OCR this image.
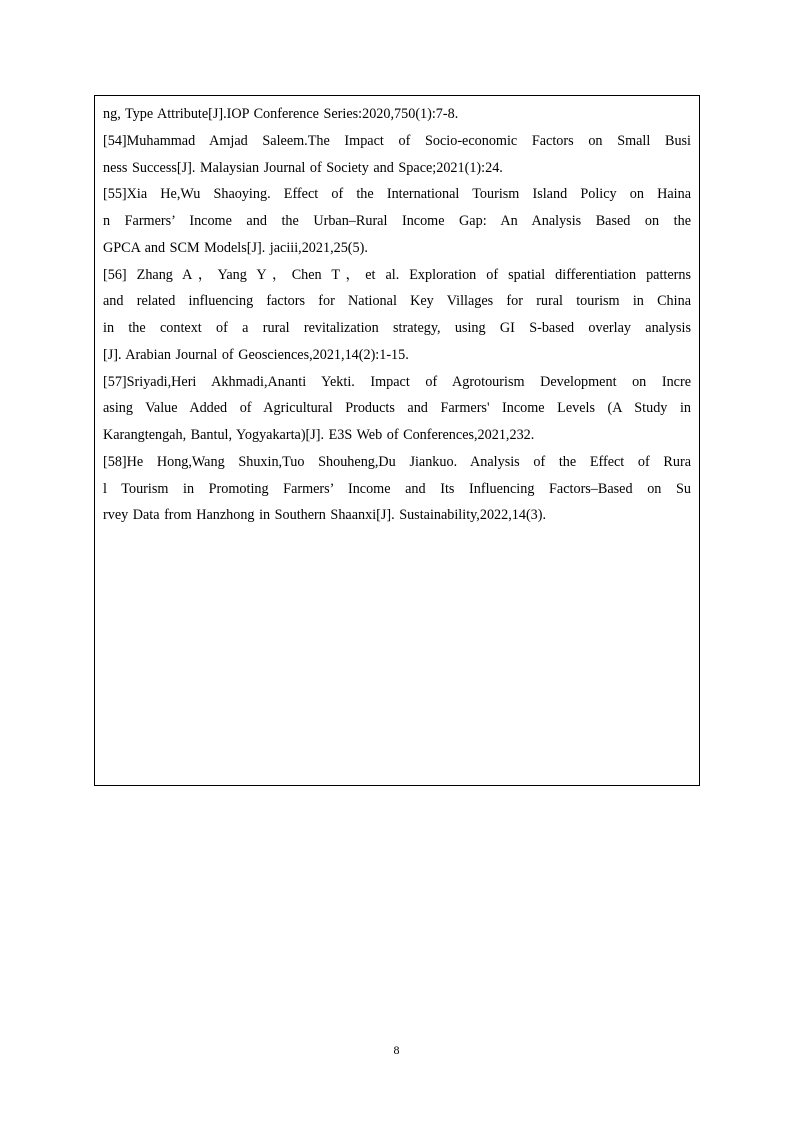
ng, Type Attribute[J].IOP Conference Series:2020,750(1):7-8.
[54]Muhammad Amjad Saleem.The Impact of Socio-economic Factors on Small Busi
ness Success[J]. Malaysian Journal of Society and Space;2021(1):24.
[55]Xia He,Wu Shaoying. Effect of the International Tourism Island Policy on Haina
n Farmers’ Income and the Urban–Rural Income Gap: An Analysis Based on the
GPCA and SCM Models[J]. jaciii,2021,25(5).
[56] Zhang A，Yang Y，Chen T，et al. Exploration of spatial differentiation patterns
and related influencing factors for National Key Villages for rural tourism in China
in the context of a rural revitalization strategy, using GI S-based overlay analysis
[J]. Arabian Journal of Geosciences,2021,14(2):1-15.
[57]Sriyadi,Heri Akhmadi,Ananti Yekti. Impact of Agrotourism Development on Incre
asing Value Added of Agricultural Products and Farmers' Income Levels (A Study in
Karangtengah, Bantul, Yogyakarta)[J]. E3S Web of Conferences,2021,232.
[58]He Hong,Wang Shuxin,Tuo Shouheng,Du Jiankuo. Analysis of the Effect of Rura
l Tourism in Promoting Farmers’ Income and Its Influencing Factors–Based on Su
rvey Data from Hanzhong in Southern Shaanxi[J]. Sustainability,2022,14(3).
8
